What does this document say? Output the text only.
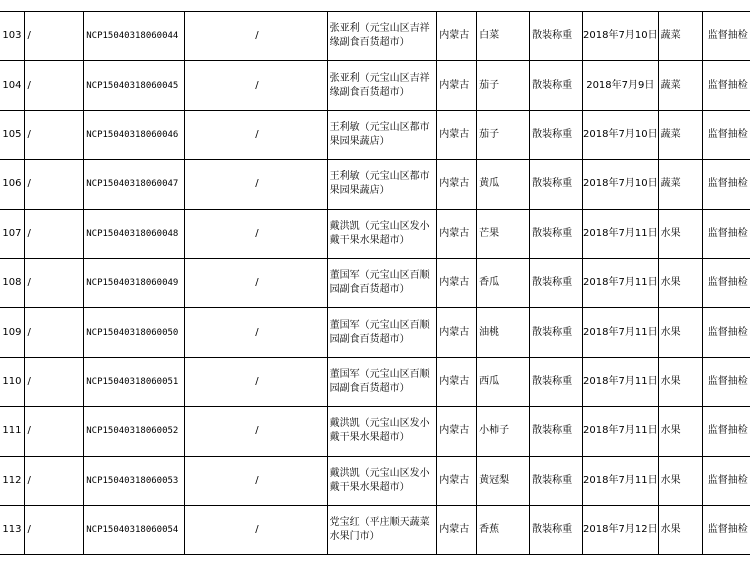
103	/	NCP15040318060044	/	张亚利（元宝山区吉祥缘副食百货超市）	内蒙古	白菜	散装称重	2018年7月10日	蔬菜	监督抽检
104	/	NCP15040318060045	/	张亚利（元宝山区吉祥缘副食百货超市）	内蒙古	茄子	散装称重	2018年7月9日	蔬菜	监督抽检
105	/	NCP15040318060046	/	王利敏（元宝山区都市果园果蔬店）	内蒙古	茄子	散装称重	2018年7月10日	蔬菜	监督抽检
106	/	NCP15040318060047	/	王利敏（元宝山区都市果园果蔬店）	内蒙古	黄瓜	散装称重	2018年7月10日	蔬菜	监督抽检
107	/	NCP15040318060048	/	戴洪凯（元宝山区发小戴干果水果超市）	内蒙古	芒果	散装称重	2018年7月11日	水果	监督抽检
108	/	NCP15040318060049	/	董国军（元宝山区百顺园副食百货超市）	内蒙古	香瓜	散装称重	2018年7月11日	水果	监督抽检
109	/	NCP15040318060050	/	董国军（元宝山区百顺园副食百货超市）	内蒙古	油桃	散装称重	2018年7月11日	水果	监督抽检
110	/	NCP15040318060051	/	董国军（元宝山区百顺园副食百货超市）	内蒙古	西瓜	散装称重	2018年7月11日	水果	监督抽检
111	/	NCP15040318060052	/	戴洪凯（元宝山区发小戴干果水果超市）	内蒙古	小柿子	散装称重	2018年7月11日	水果	监督抽检
112	/	NCP15040318060053	/	戴洪凯（元宝山区发小戴干果水果超市）	内蒙古	黄冠梨	散装称重	2018年7月11日	水果	监督抽检
113	/	NCP15040318060054	/	党宝红（平庄顺天蔬菜水果门市）	内蒙古	香蕉	散装称重	2018年7月12日	水果	监督抽检
